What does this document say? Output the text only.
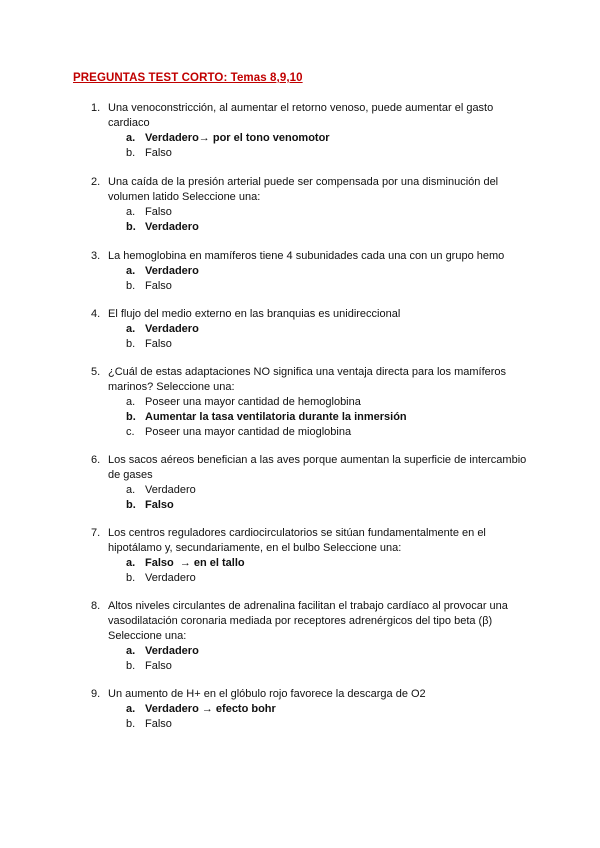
PREGUNTAS TEST CORTO: Temas 8,9,10
1. Una venoconstricción, al aumentar el retorno venoso, puede aumentar el gasto cardiaco
a. Verdadero→ por el tono venomotor
b. Falso
2. Una caída de la presión arterial puede ser compensada por una disminución del volumen latido Seleccione una:
a. Falso
b. Verdadero
3. La hemoglobina en mamíferos tiene 4 subunidades cada una con un grupo hemo
a. Verdadero
b. Falso
4. El flujo del medio externo en las branquias es unidireccional
a. Verdadero
b. Falso
5. ¿Cuál de estas adaptaciones NO significa una ventaja directa para los mamíferos marinos? Seleccione una:
a. Poseer una mayor cantidad de hemoglobina
b. Aumentar la tasa ventilatoria durante la inmersión
c. Poseer una mayor cantidad de mioglobina
6. Los sacos aéreos benefician a las aves porque aumentan la superficie de intercambio de gases
a. Verdadero
b. Falso
7. Los centros reguladores cardiocirculatorios se sitúan fundamentalmente en el hipotálamo y, secundariamente, en el bulbo Seleccione una:
a. Falso  → en el tallo
b. Verdadero
8. Altos niveles circulantes de adrenalina facilitan el trabajo cardíaco al provocar una vasodilatación coronaria mediada por receptores adrenérgicos del tipo beta (β) Seleccione una:
a. Verdadero
b. Falso
9. Un aumento de H+ en el glóbulo rojo favorece la descarga de O2
a. Verdadero → efecto bohr
b. Falso
